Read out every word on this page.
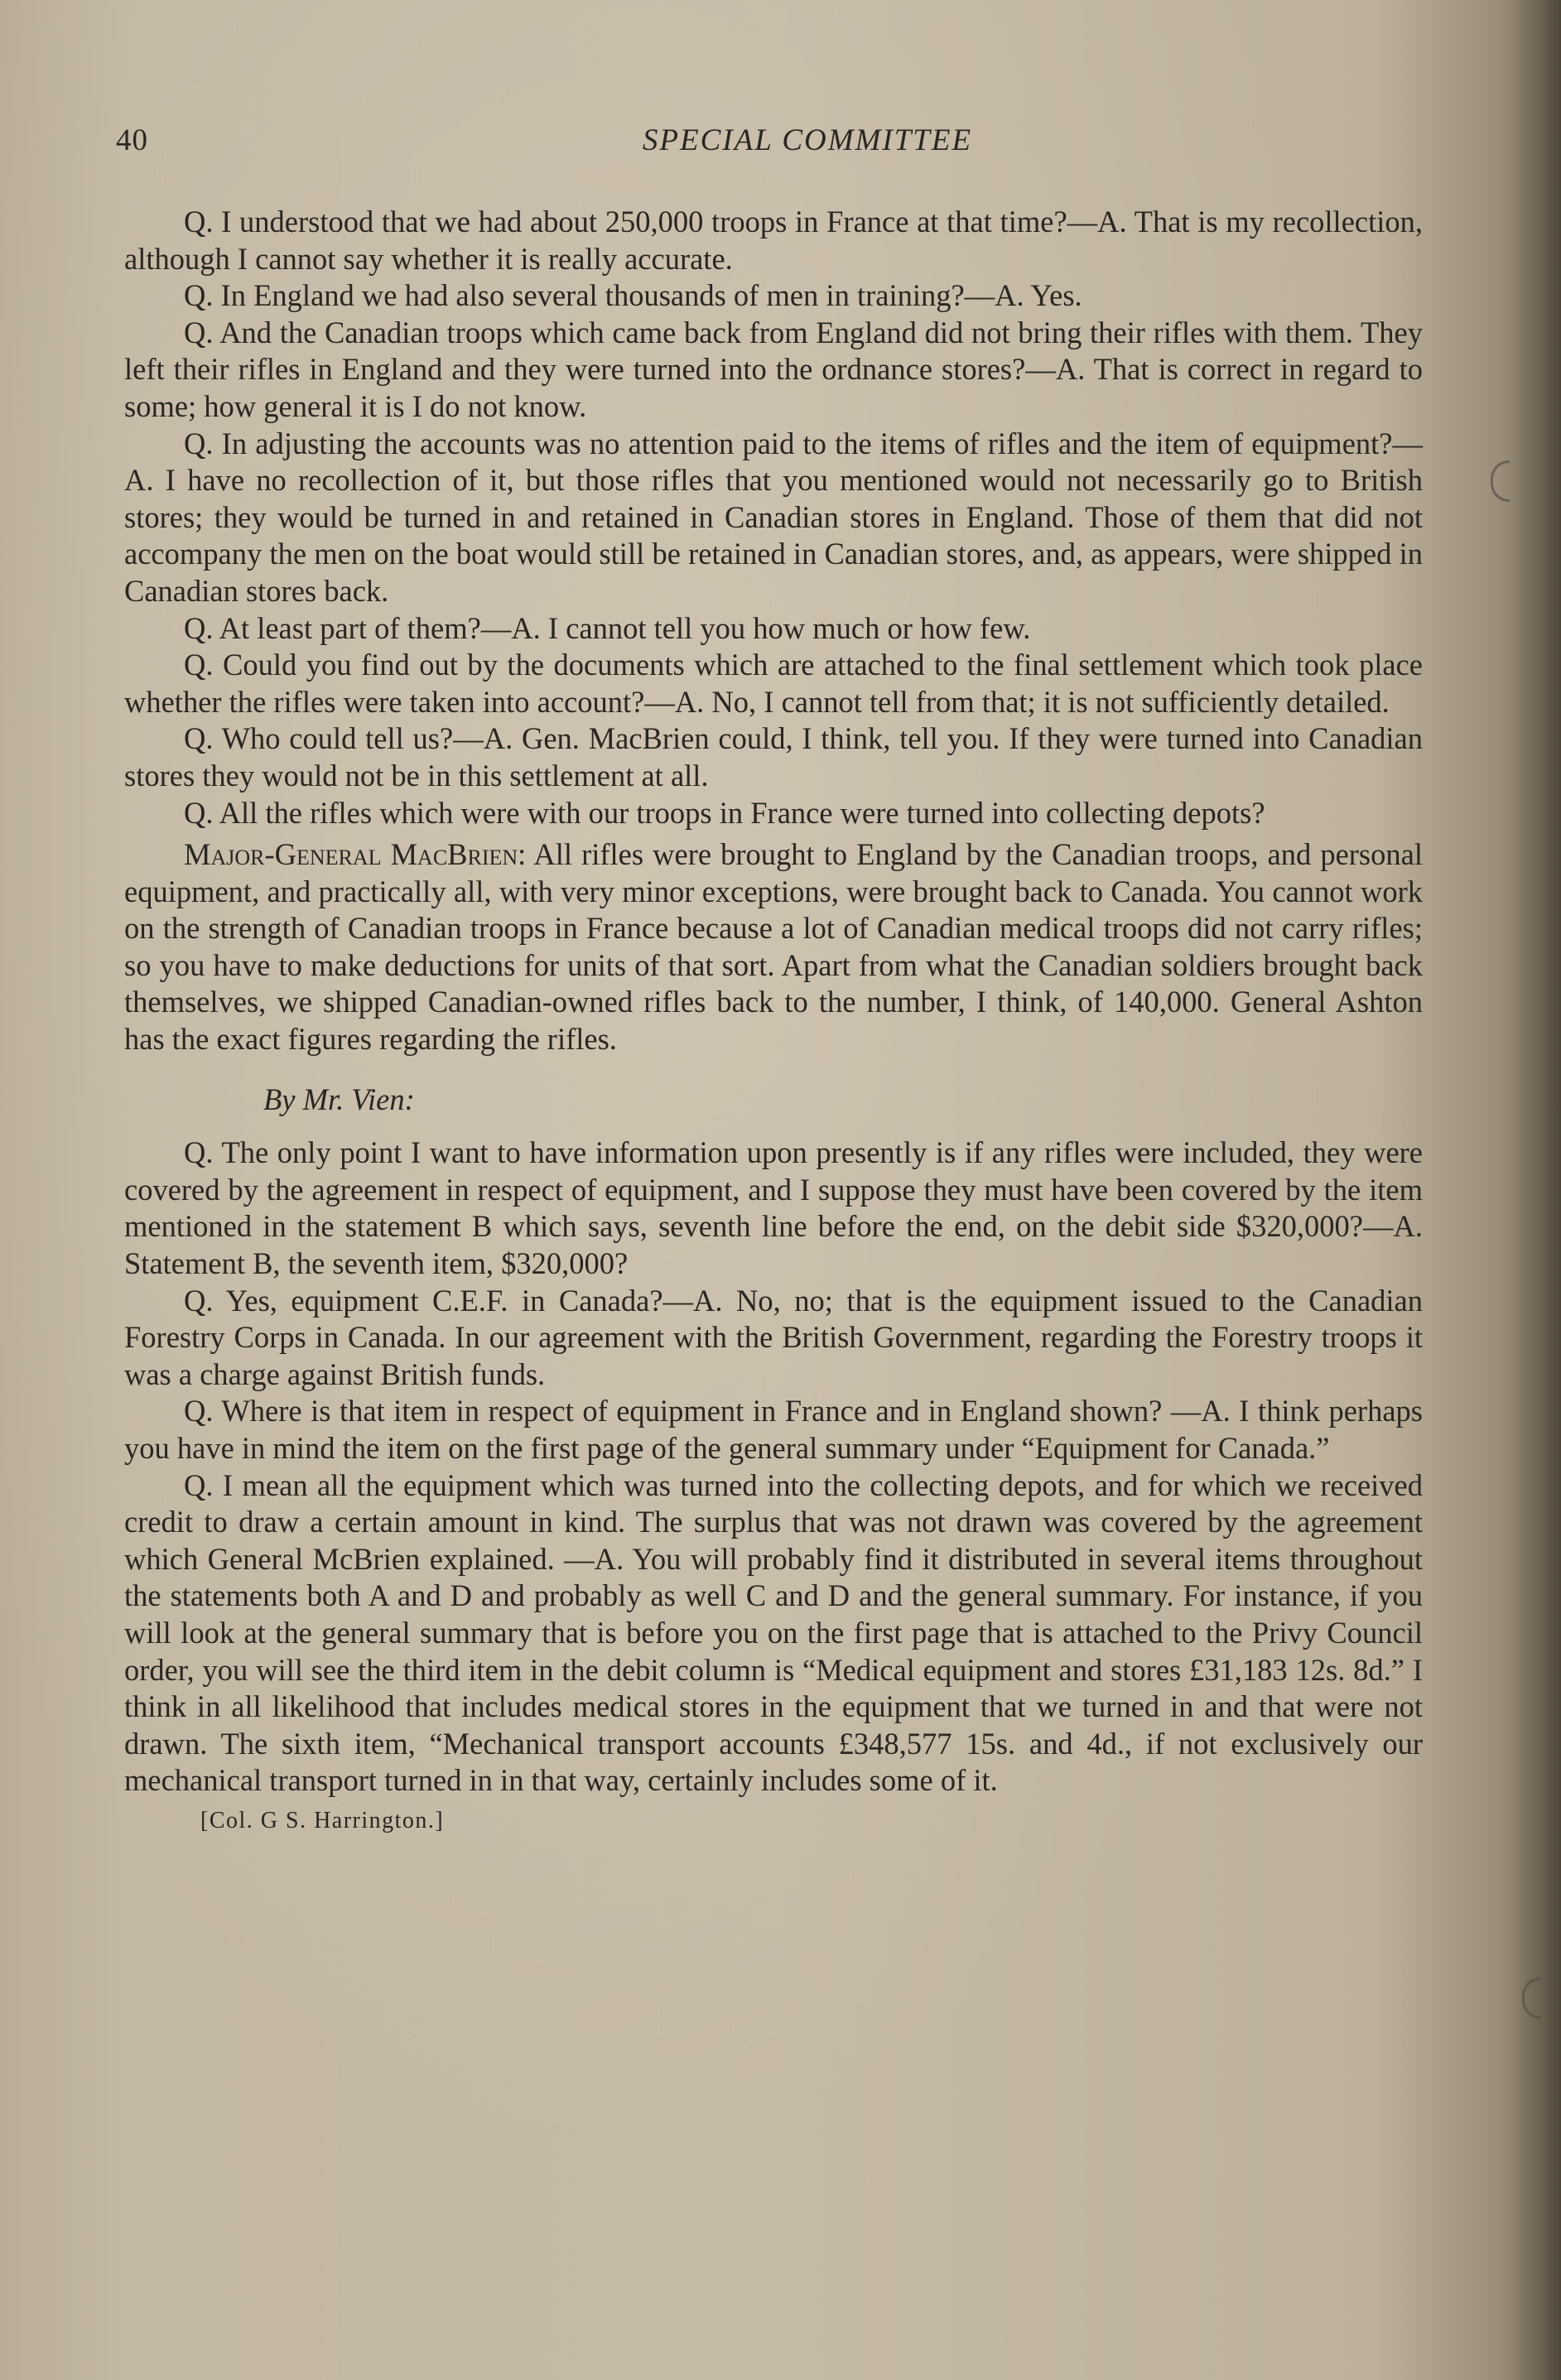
40	SPECIAL COMMITTEE

Q. I understood that we had about 250,000 troops in France at that time?—A. That is my recollection, although I cannot say whether it is really accurate.

Q. In England we had also several thousands of men in training?—A. Yes.

Q. And the Canadian troops which came back from England did not bring their rifles with them. They left their rifles in England and they were turned into the ordnance stores?—A. That is correct in regard to some; how general it is I do not know.

Q. In adjusting the accounts was no attention paid to the items of rifles and the item of equipment?—A. I have no recollection of it, but those rifles that you mentioned would not necessarily go to British stores; they would be turned in and retained in Canadian stores in England. Those of them that did not accompany the men on the boat would still be retained in Canadian stores, and, as appears, were shipped in Canadian stores back.

Q. At least part of them?—A. I cannot tell you how much or how few.

Q. Could you find out by the documents which are attached to the final settlement which took place whether the rifles were taken into account?—A. No, I cannot tell from that; it is not sufficiently detailed.

Q. Who could tell us?—A. Gen. MacBrien could, I think, tell you. If they were turned into Canadian stores they would not be in this settlement at all.

Q. All the rifles which were with our troops in France were turned into collecting depots?

Major-General MacBrien: All rifles were brought to England by the Canadian troops, and personal equipment, and practically all, with very minor exceptions, were brought back to Canada. You cannot work on the strength of Canadian troops in France because a lot of Canadian medical troops did not carry rifles; so you have to make deductions for units of that sort. Apart from what the Canadian soldiers brought back themselves, we shipped Canadian-owned rifles back to the number, I think, of 140,000. General Ashton has the exact figures regarding the rifles.

By Mr. Vien:

Q. The only point I want to have information upon presently is if any rifles were included, they were covered by the agreement in respect of equipment, and I suppose they must have been covered by the item mentioned in the statement B which says, seventh line before the end, on the debit side $320,000?—A. Statement B, the seventh item, $320,000?

Q. Yes, equipment C.E.F. in Canada?—A. No, no; that is the equipment issued to the Canadian Forestry Corps in Canada. In our agreement with the British Government, regarding the Forestry troops it was a charge against British funds.

Q. Where is that item in respect of equipment in France and in England shown? —A. I think perhaps you have in mind the item on the first page of the general summary under “Equipment for Canada.”

Q. I mean all the equipment which was turned into the collecting depots, and for which we received credit to draw a certain amount in kind. The surplus that was not drawn was covered by the agreement which General McBrien explained. —A. You will probably find it distributed in several items throughout the statements both A and D and probably as well C and D and the general summary. For instance, if you will look at the general summary that is before you on the first page that is attached to the Privy Council order, you will see the third item in the debit column is “Medical equipment and stores £31,183 12s. 8d.” I think in all likelihood that includes medical stores in the equipment that we turned in and that were not drawn. The sixth item, “Mechanical transport accounts £348,577 15s. and 4d., if not exclusively our mechanical transport turned in in that way, certainly includes some of it.

[Col. G S. Harrington.]
